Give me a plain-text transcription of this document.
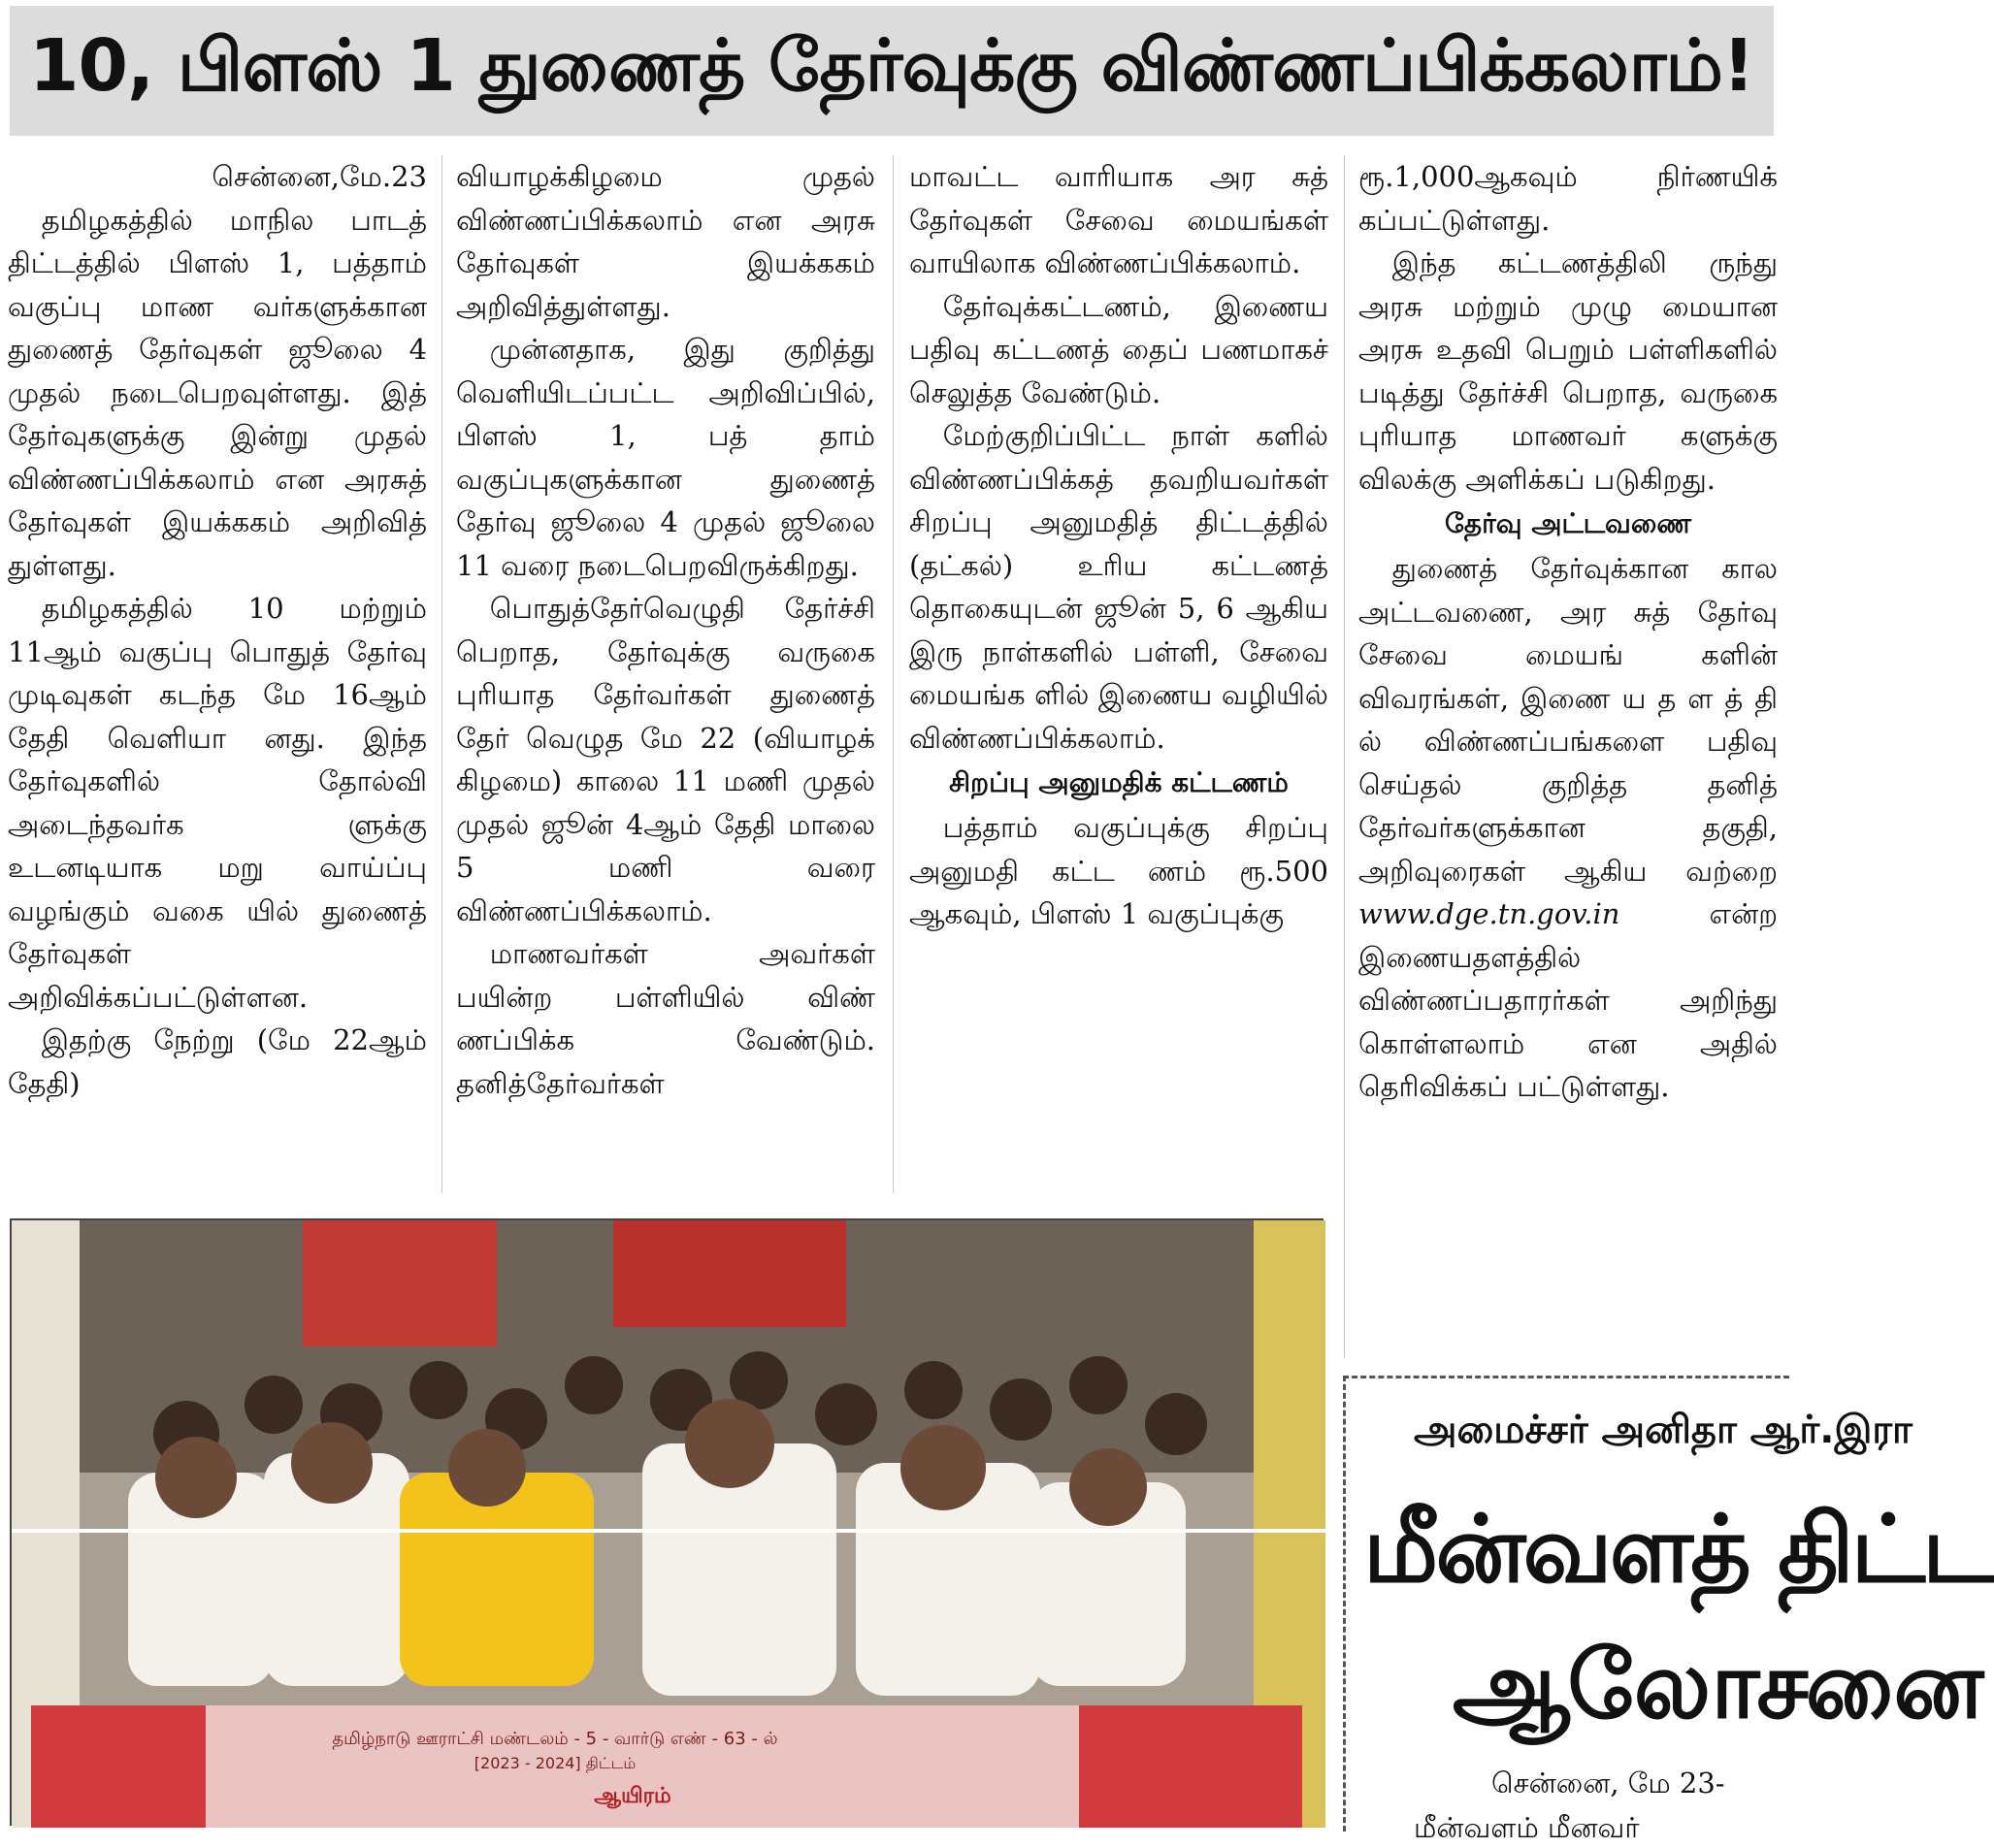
10, பிளஸ் 1 துணைத் தேர்வுக்கு விண்ணப்பிக்கலாம்!

சென்னை,மே.23

தமிழகத்தில் மாநில பாடத் திட்டத்தில் பிளஸ் 1, பத்தாம் வகுப்பு மாண வர்களுக்கான துணைத் தேர்வுகள் ஜூலை 4 முதல் நடைபெறவுள்ளது. இத் தேர்வுகளுக்கு இன்று முதல் விண்ணப்பிக்கலாம் என அரசுத் தேர்வுகள் இயக்ககம் அறிவித் துள்ளது.

தமிழகத்தில் 10 மற்றும் 11ஆம் வகுப்பு பொதுத் தேர்வு முடிவுகள் கடந்த மே 16ஆம் தேதி வெளியா னது. இந்த தேர்வுகளில் தோல்வி அடைந்தவர்க ளுக்கு உடனடியாக மறு வாய்ப்பு வழங்கும் வகை யில் துணைத் தேர்வுகள் அறிவிக்கப்பட்டுள்ளன.

இதற்கு நேற்று (மே 22ஆம் தேதி)

வியாழக்கிழமை முதல் விண்ணப்பிக்கலாம் என அரசு தேர்வுகள் இயக்ககம் அறிவித்துள்ளது.

முன்னதாக, இது குறித்து வெளியிடப்பட்ட அறிவிப்பில், பிளஸ் 1, பத் தாம் வகுப்புகளுக்கான துணைத் தேர்வு ஜூலை 4 முதல் ஜூலை 11 வரை நடைபெறவிருக்கிறது.

பொதுத்தேர்வெழுதி தேர்ச்சி பெறாத, தேர்வுக்கு வருகை புரியாத தேர்வர்கள் துணைத் தேர் வெழுத மே 22 (வியாழக் கிழமை) காலை 11 மணி முதல் முதல் ஜூன் 4ஆம் தேதி மாலை 5 மணி வரை விண்ணப்பிக்கலாம்.

மாணவர்கள் அவர்கள் பயின்ற பள்ளியில் விண் ணப்பிக்க வேண்டும். தனித்தேர்வர்கள்

மாவட்ட வாரியாக அர சுத் தேர்வுகள் சேவை மையங்கள் வாயிலாக விண்ணப்பிக்கலாம்.

தேர்வுக்கட்டணம், இணைய பதிவு கட்டணத் தைப் பணமாகச் செலுத்த வேண்டும்.

மேற்குறிப்பிட்ட நாள் களில் விண்ணப்பிக்கத் தவறியவர்கள் சிறப்பு அனுமதித் திட்டத்தில் (தட்கல்) உரிய கட்டணத் தொகையுடன் ஜூன் 5, 6 ஆகிய இரு நாள்களில் பள்ளி, சேவை மையங்க ளில் இணைய வழியில் விண்ணப்பிக்கலாம்.

சிறப்பு அனுமதிக் கட்டணம்

பத்தாம் வகுப்புக்கு சிறப்பு அனுமதி கட்ட ணம் ரூ.500 ஆகவும், பிளஸ் 1 வகுப்புக்கு

ரூ.1,000ஆகவும் நிர்ணயிக் கப்பட்டுள்ளது.

இந்த கட்டணத்திலி ருந்து அரசு மற்றும் முழு மையான அரசு உதவி பெறும் பள்ளிகளில் படித்து தேர்ச்சி பெறாத, வருகை புரியாத மாணவர் களுக்கு விலக்கு அளிக்கப் படுகிறது.

தேர்வு அட்டவணை

துணைத் தேர்வுக்கான கால அட்டவணை, அர சுத் தேர்வு சேவை மையங் களின் விவரங்கள், இணை ய த ள த் தி ல் விண்ணப்பங்களை பதிவு செய்தல் குறித்த தனித் தேர்வர்களுக்கான தகுதி, அறிவுரைகள் ஆகிய வற்றை www.dge.tn.gov.in	என்ற இணையதளத்தில் விண்ணப்பதாரர்கள் அறிந்து கொள்ளலாம் என அதில் தெரிவிக்கப் பட்டுள்ளது.

தமிழ்நாடு ஊராட்சி மண்டலம் - 5 - வார்டு எண் - 63 - ல்
[2023 - 2024] திட்டம்
ஆயிரம்
அமைச்சர் அனிதா ஆர்.இரா
மீன்வளத் திட்ட
ஆலோசனை
சென்னை, மே 23-
மீன்வளம் மீனவர்
